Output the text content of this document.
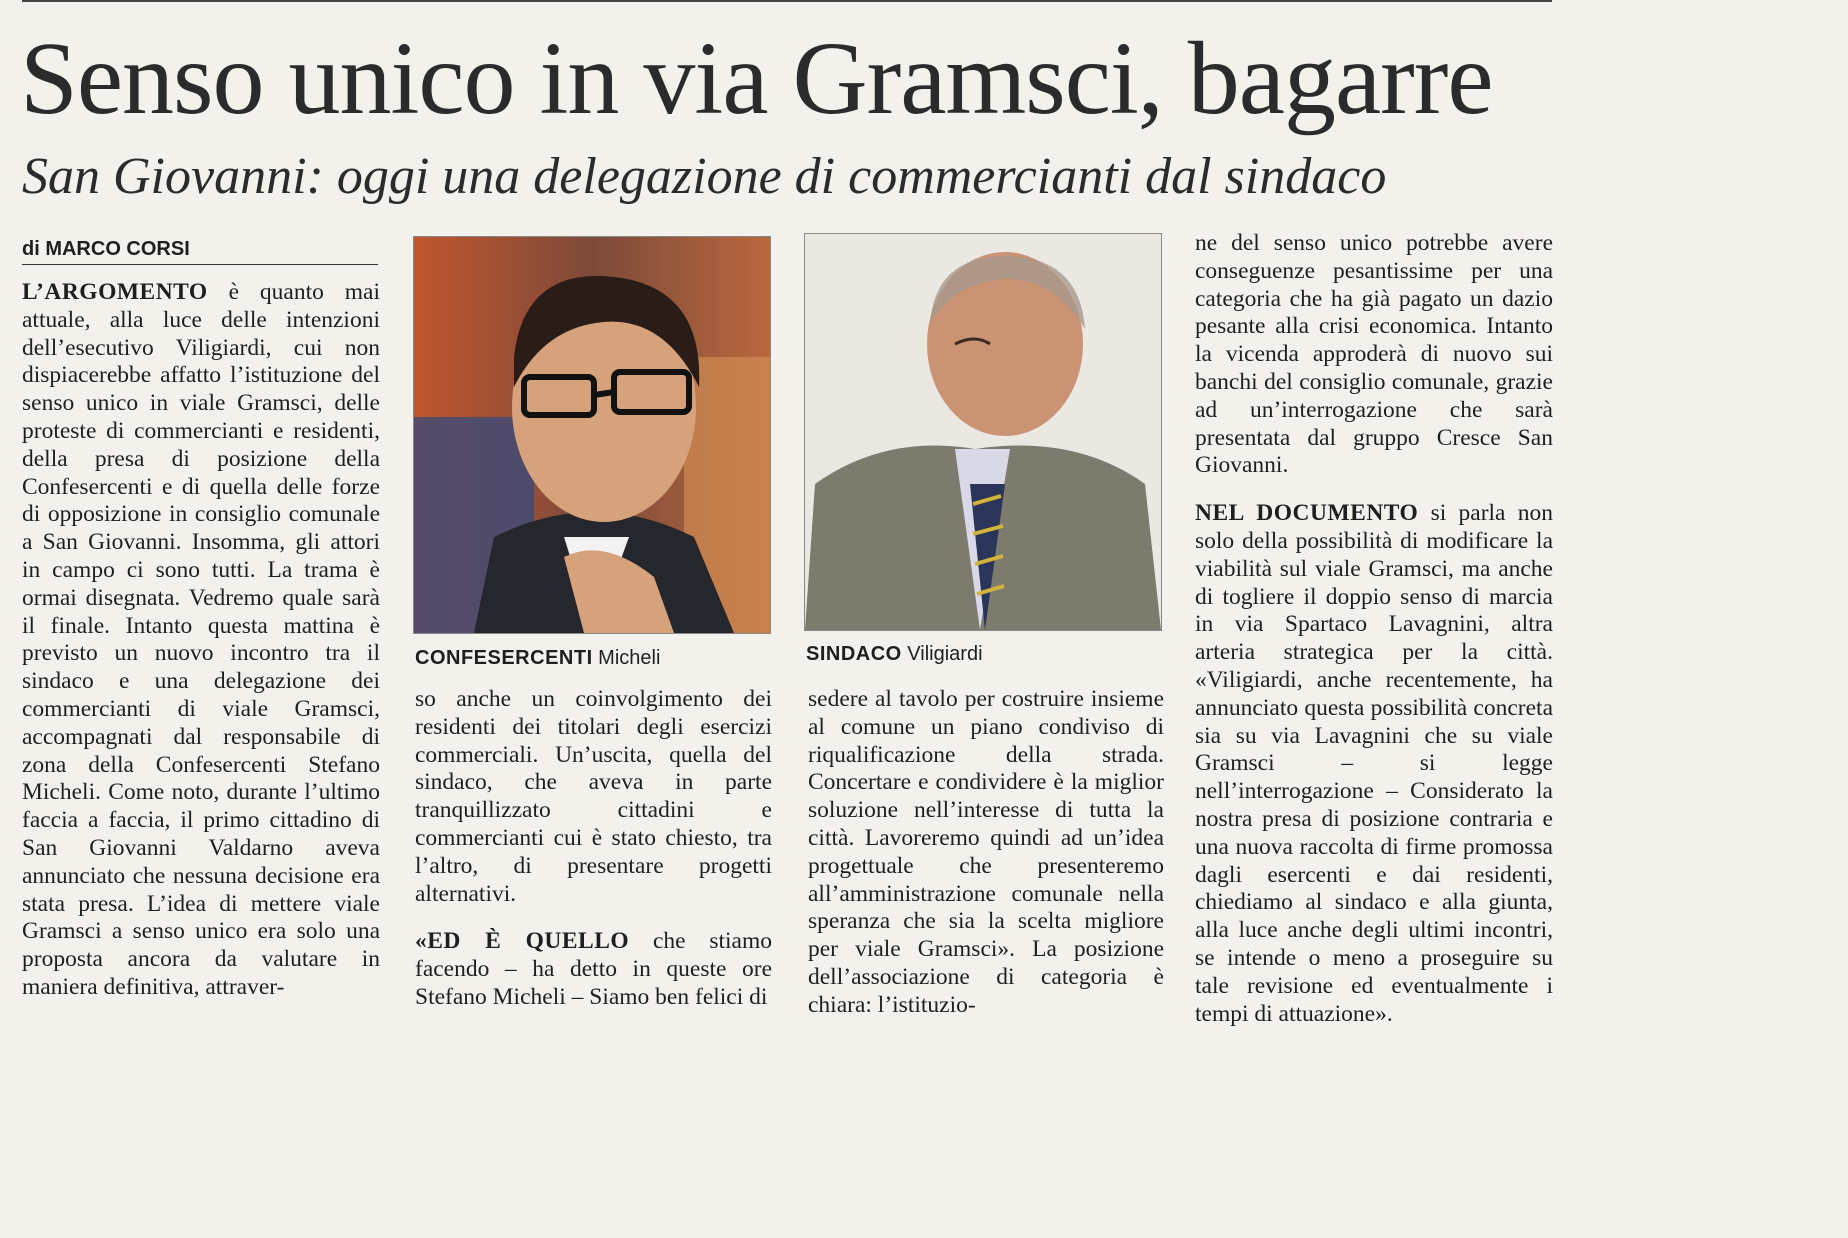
Senso unico in via Gramsci, bagarre
San Giovanni: oggi una delegazione di commercianti dal sindaco
di MARCO CORSI

L’ARGOMENTO è quanto mai attuale, alla luce delle intenzioni dell’esecutivo Viligiardi, cui non dispiacerebbe affatto l’istituzione del senso unico in viale Gramsci, delle proteste di commercianti e residenti, della presa di posizione della Confesercenti e di quella delle forze di opposizione in consiglio comunale a San Giovanni. Insomma, gli attori in campo ci sono tutti. La trama è ormai disegnata. Vedremo quale sarà il finale. Intanto questa mattina è previsto un nuovo incontro tra il sindaco e una delegazione dei commercianti di viale Gramsci, accompagnati dal responsabile di zona della Confesercenti Stefano Micheli. Come noto, durante l’ultimo faccia a faccia, il primo cittadino di San Giovanni Valdarno aveva annunciato che nessuna decisione era stata presa. L’idea di mettere viale Gramsci a senso unico era solo una proposta ancora da valutare in maniera definitiva, attraver-

CONFESERCENTI Micheli	SINDACO Viligiardi

so anche un coinvolgimento dei residenti dei titolari degli esercizi commerciali. Un’uscita, quella del sindaco, che aveva in parte tranquillizzato cittadini e commercianti cui è stato chiesto, tra l’altro, di presentare progetti alternativi.

«ED È QUELLO che stiamo facendo – ha detto in queste ore Stefano Micheli – Siamo ben felici di

sedere al tavolo per costruire insieme al comune un piano condiviso di riqualificazione della strada. Concertare e condividere è la miglior soluzione nell’interesse di tutta la città. Lavoreremo quindi ad un’idea progettuale che presenteremo all’amministrazione comunale nella speranza che sia la scelta migliore per viale Gramsci». La posizione dell’associazione di categoria è chiara: l’istituzio-

ne del senso unico potrebbe avere conseguenze pesantissime per una categoria che ha già pagato un dazio pesante alla crisi economica. Intanto la vicenda approderà di nuovo sui banchi del consiglio comunale, grazie ad un’interrogazione che sarà presentata dal gruppo Cresce San Giovanni.

NEL DOCUMENTO si parla non solo della possibilità di modificare la viabilità sul viale Gramsci, ma anche di togliere il doppio senso di marcia in via Spartaco Lavagnini, altra arteria strategica per la città. «Viligiardi, anche recentemente, ha annunciato questa possibilità concreta sia su via Lavagnini che su viale Gramsci – si legge nell’interrogazione – Considerato la nostra presa di posizione contraria e una nuova raccolta di firme promossa dagli esercenti e dai residenti, chiediamo al sindaco e alla giunta, alla luce anche degli ultimi incontri, se intende o meno a proseguire su tale revisione ed eventualmente i tempi di attuazione».
